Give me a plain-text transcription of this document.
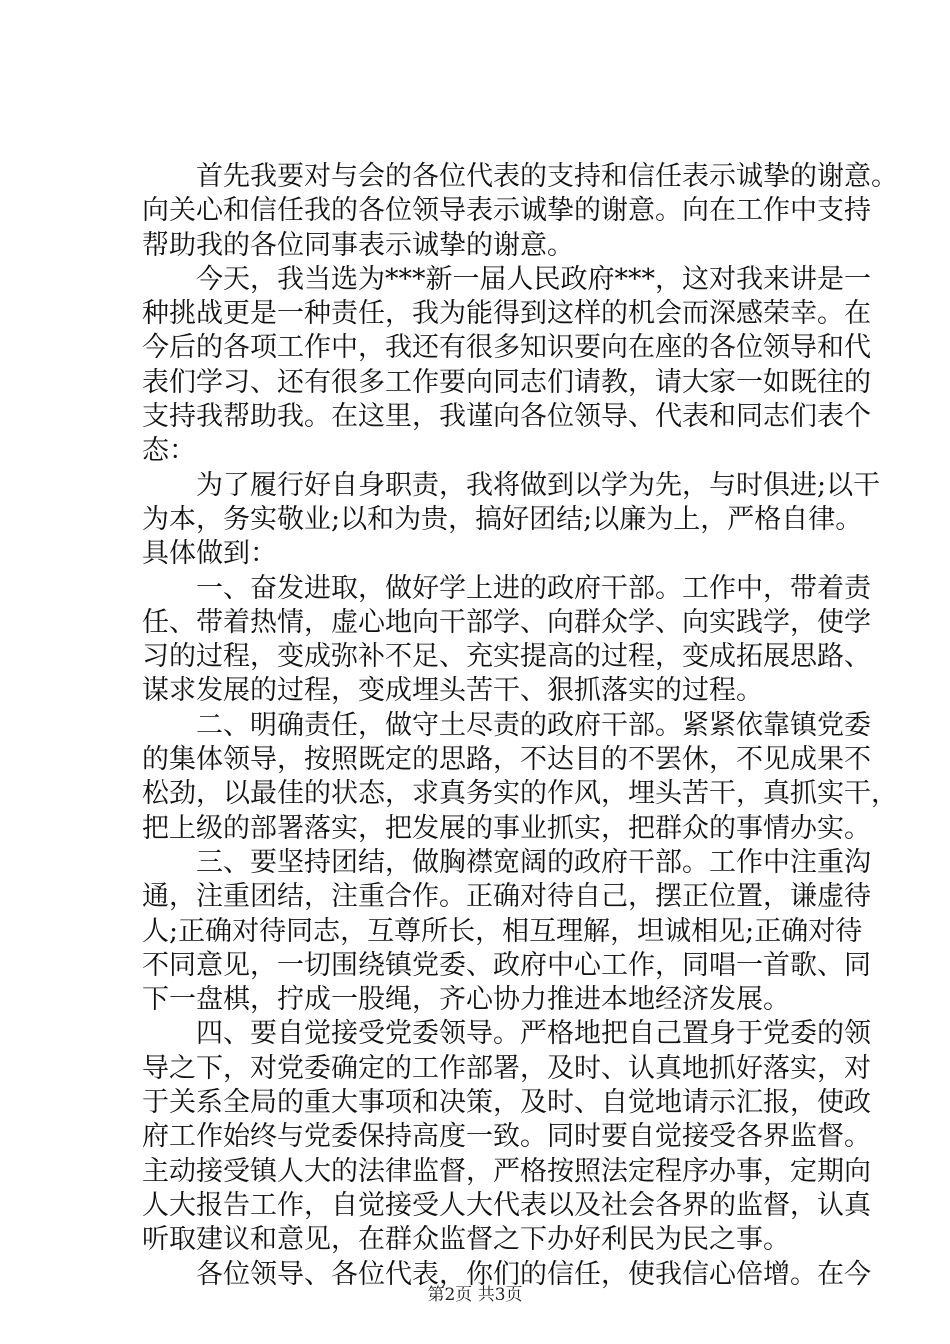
首先我要对与会的各位代表的支持和信任表示诚挚的谢意。
向关心和信任我的各位领导表示诚挚的谢意。向在工作中支持
帮助我的各位同事表示诚挚的谢意。
今天，我当选为***新一届人民政府***，这对我来讲是一
种挑战更是一种责任，我为能得到这样的机会而深感荣幸。在
今后的各项工作中，我还有很多知识要向在座的各位领导和代
表们学习、还有很多工作要向同志们请教，请大家一如既往的
支持我帮助我。在这里，我谨向各位领导、代表和同志们表个
态：
为了履行好自身职责，我将做到以学为先，与时俱进;以干
为本，务实敬业;以和为贵，搞好团结;以廉为上，严格自律。
具体做到：
一、奋发进取，做好学上进的政府干部。工作中，带着责
任、带着热情，虚心地向干部学、向群众学、向实践学，使学
习的过程，变成弥补不足、充实提高的过程，变成拓展思路、
谋求发展的过程，变成埋头苦干、狠抓落实的过程。
二、明确责任，做守土尽责的政府干部。紧紧依靠镇党委
的集体领导，按照既定的思路，不达目的不罢休，不见成果不
松劲，以最佳的状态，求真务实的作风，埋头苦干，真抓实干，
把上级的部署落实，把发展的事业抓实，把群众的事情办实。
三、要坚持团结，做胸襟宽阔的政府干部。工作中注重沟
通，注重团结，注重合作。正确对待自己，摆正位置，谦虚待
人;正确对待同志，互尊所长，相互理解，坦诚相见;正确对待
不同意见，一切围绕镇党委、政府中心工作，同唱一首歌、同
下一盘棋，拧成一股绳，齐心协力推进本地经济发展。
四、要自觉接受党委领导。严格地把自己置身于党委的领
导之下，对党委确定的工作部署，及时、认真地抓好落实，对
于关系全局的重大事项和决策，及时、自觉地请示汇报，使政
府工作始终与党委保持高度一致。同时要自觉接受各界监督。
主动接受镇人大的法律监督，严格按照法定程序办事，定期向
人大报告工作，自觉接受人大代表以及社会各界的监督，认真
听取建议和意见，在群众监督之下办好利民为民之事。
各位领导、各位代表，你们的信任，使我信心倍增。在今
第2页 共3页
